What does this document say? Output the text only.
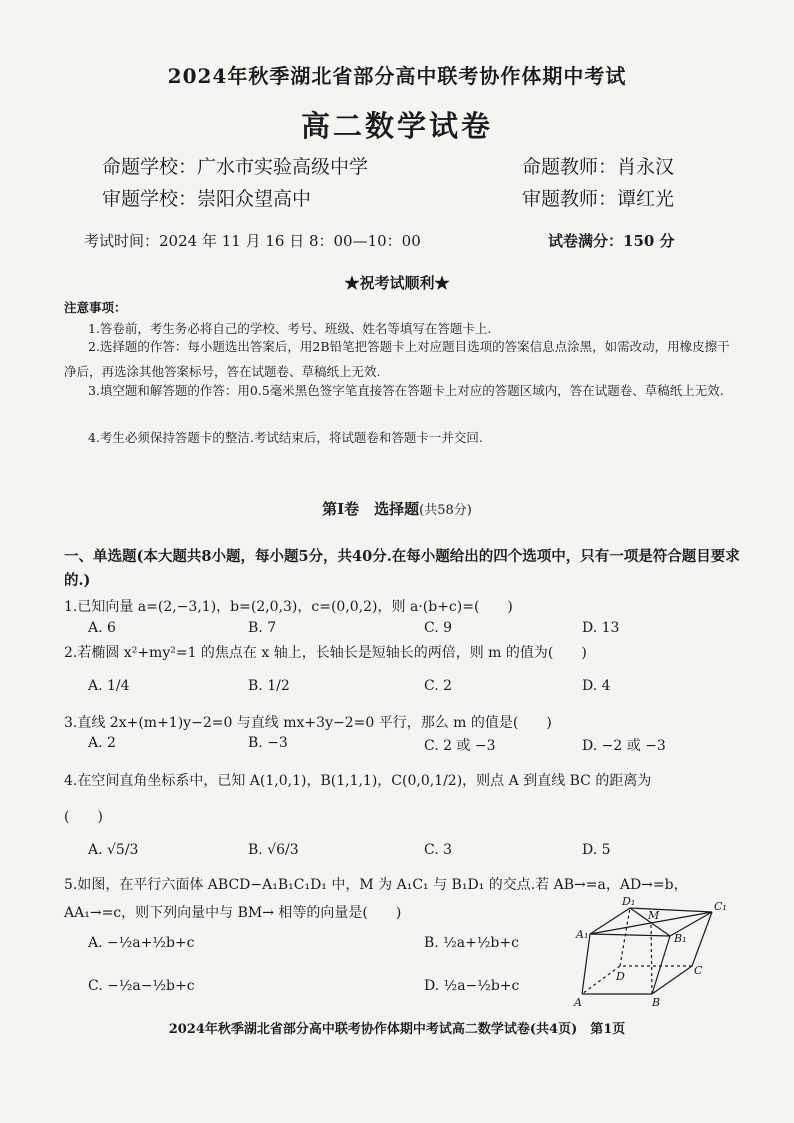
2024年秋季湖北省部分高中联考协作体期中考试
高二数学试卷
命题学校：广水市实验高级中学	命题教师：肖永汉
审题学校：崇阳众望高中	审题教师：谭红光
考试时间：2024 年 11 月 16 日 8：00—10：00	试卷满分：150 分
★祝考试顺利★
注意事项：
1.答卷前，考生务必将自己的学校、考号、班级、姓名等填写在答题卡上.
2.选择题的作答：每小题选出答案后，用2B铅笔把答题卡上对应题目选项的答案信息点涂黑，如需改动，用橡皮擦干净后，再选涂其他答案标号，答在试题卷、草稿纸上无效.
3.填空题和解答题的作答：用0.5毫米黑色签字笔直接答在答题卡上对应的答题区域内，答在试题卷、草稿纸上无效.
4.考生必须保持答题卡的整洁.考试结束后，将试题卷和答题卡一并交回.
第Ⅰ卷　选择题(共58分)
一、单选题(本大题共8小题，每小题5分，共40分.在每小题给出的四个选项中，只有一项是符合题目要求的.)
1.已知向量 a=(2,−3,1)，b=(2,0,3)，c=(0,0,2)，则 a·(b+c)=(　　)
A. 6	B. 7	C. 9	D. 13
2.若椭圆 x²+my²=1 的焦点在 x 轴上，长轴长是短轴长的两倍，则 m 的值为(　　)
A. 1/4	B. 1/2	C. 2	D. 4
3.直线 2x+(m+1)y−2=0 与直线 mx+3y−2=0 平行，那么 m 的值是(　　)
A. 2	B. −3	C. 2 或 −3	D. −2 或 −3
4.在空间直角坐标系中，已知 A(1,0,1)，B(1,1,1)，C(0,0,1/2)，则点 A 到直线 BC 的距离为
(　　)
A. √5/3	B. √6/3	C. 3	D. 5
5.如图，在平行六面体 ABCD−A₁B₁C₁D₁ 中，M 为 A₁C₁ 与 B₁D₁ 的交点.若 AB→=a，AD→=b，
AA₁→=c，则下列向量中与 BM→ 相等的向量是(　　)
A. −½a+½b+c	B. ½a+½b+c
C. −½a−½b+c	D. ½a−½b+c
D₁
M
C₁
A₁	B₁
D	C
A	B
2024年秋季湖北省部分高中联考协作体期中考试高二数学试卷(共4页)　第1页
